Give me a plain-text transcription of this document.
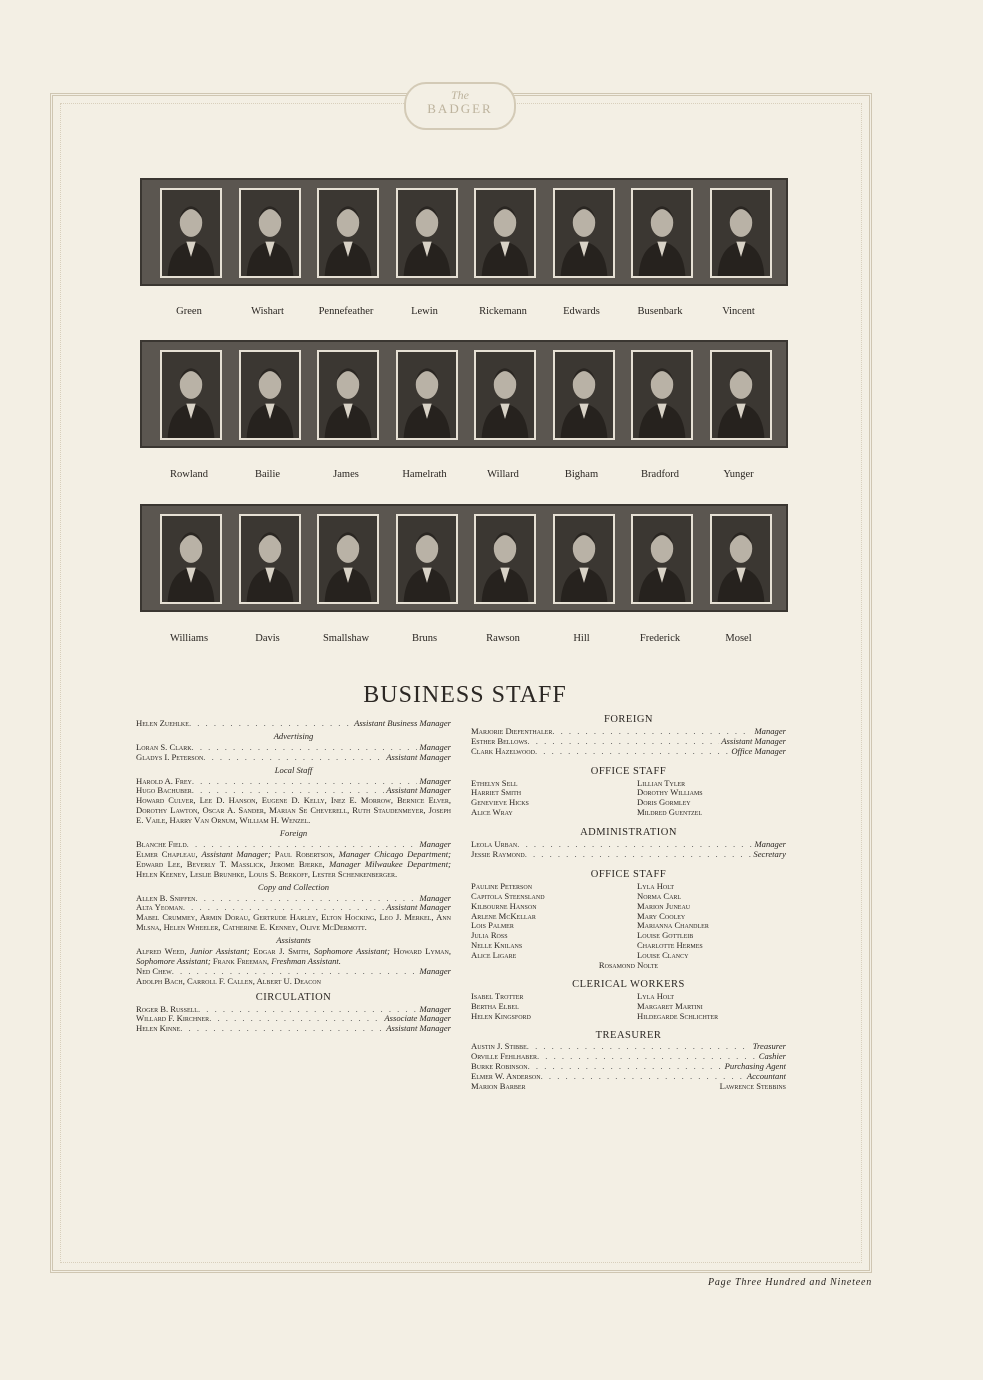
The
BADGER
Green	Wishart	Pennefeather	Lewin	Rickemann	Edwards	Busenbark	Vincent
Rowland	Bailie	James	Hamelrath	Willard	Bigham	Bradford	Yunger
Williams	Davis	Smallshaw	Bruns	Rawson	Hill	Frederick	Mosel
BUSINESS STAFF
Helen Zuehlke . . .	Assistant Business Manager
Advertising
Loran S. Clark . . .	Manager
Gladys I. Peterson . . .	Assistant Manager
Local Staff
Harold A. Frey . . .	Manager
Hugo Bachuber . . .	Assistant Manager
Howard Culver, Lee D. Hanson, Eugene D. Kelly, Inez E. Morrow, Bernice Elver, Dorothy Lawton, Oscar A. Sander, Marian Se Cheverell, Ruth Staudenmeyer, Joseph E. Vaile, Harry Van Ornum, William H. Wenzel.
Foreign
Blanche Field . . .	Manager
Elmer Chapleau, Assistant Manager; Paul Robertson, Manager Chicago Department; Edward Lee, Beverly T. Masslick, Jerome Bjerke, Manager Milwaukee Department; Helen Keeney, Leslie Brunhke, Louis S. Berkoff, Lester Schenkenberger.
Copy and Collection
Allen B. Sniffen . . .	Manager
Alta Yeoman . . .	Assistant Manager
Mabel Crummey, Armin Dorau, Gertrude Harley, Elton Hocking, Leo J. Merkel, Ann Mlsna, Helen Wheeler, Catherine E. Kenney, Olive McDermott.
Assistants
Alfred Weed, Junior Assistant; Edgar J. Smith, Sophomore Assistant; Howard Lyman, Sophomore Assistant; Frank Freeman, Freshman Assistant.
Ned Chew . . .	Manager
Adolph Bach, Carroll F. Callen, Albert U. Deacon
CIRCULATION
Roger B. Russell . . .	Manager
Willard F. Kirchner . . .	Associate Manager
Helen Kinne . . .	Assistant Manager
FOREIGN
Marjorie Diefenthaler . . .	Manager
Esther Bellows . . .	Assistant Manager
Clark Hazelwood . . .	Office Manager
OFFICE STAFF
Ethelyn Sell	Lillian Tyler
Harriet Smith	Dorothy Williams
Genevieve Hicks	Doris Gormley
Alice Wray	Mildred Guentzel
ADMINISTRATION
Leola Urban . . .	Manager
Jessie Raymond . . .	Secretary
OFFICE STAFF
Pauline Peterson	Lyla Holt
Capitola Steensland	Norma Carl
Kilbourne Hanson	Marion Juneau
Arlene McKellar	Mary Cooley
Lois Palmer	Marianna Chandler
Julia Ross	Louise Gottleib
Nelle Knilans	Charlotte Hermes
Alice Ligare	Louise Clancy
Rosamond Nolte
CLERICAL WORKERS
Isabel Trotter	Lyla Holt
Bertha Elbel	Margaret Martini
Helen Kingsford	Hildegarde Schlichter
TREASURER
Austin J. Stibbe . . .	Treasurer
Orville Fehlhaber . . .	Cashier
Burke Robinson . . .	Purchasing Agent
Elmer W. Anderson . . .	Accountant
Marion Barber	Lawrence Stebbins
Page Three Hundred and Nineteen
